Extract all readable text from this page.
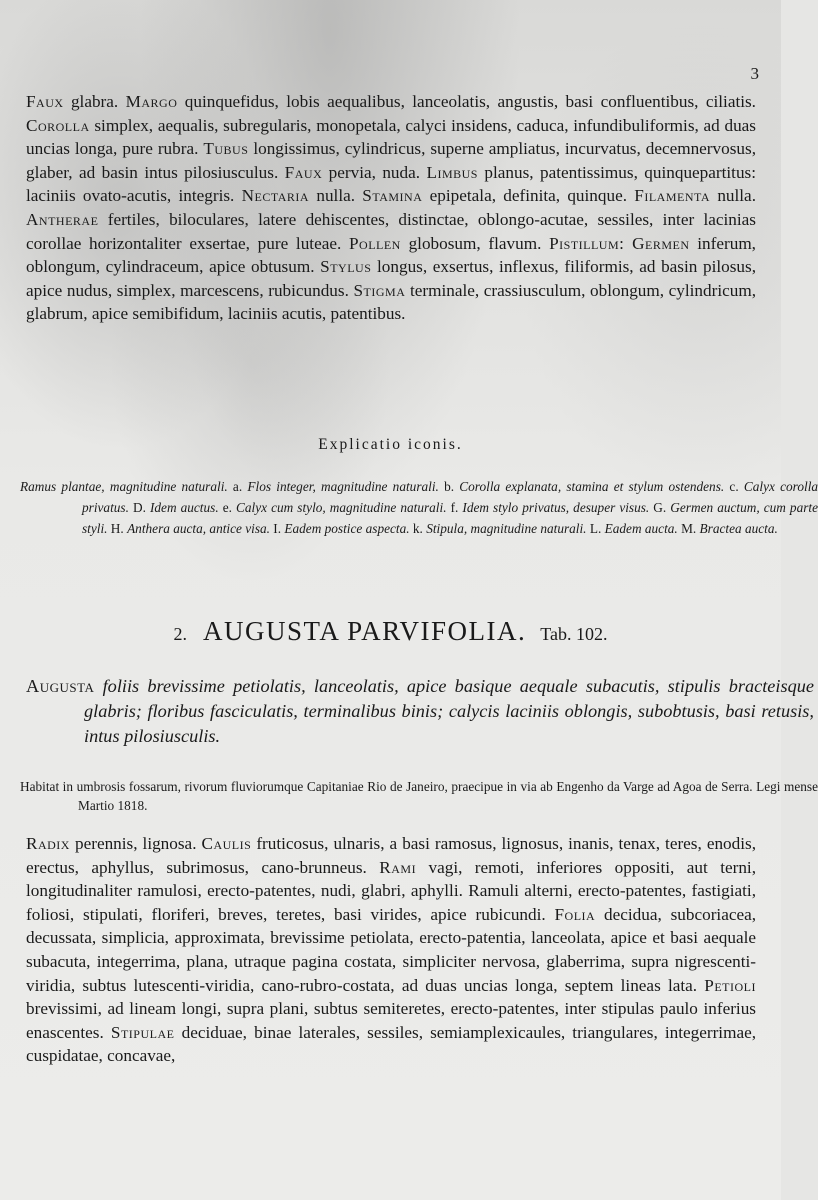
3

Faux glabra. Margo quinquefidus, lobis aequalibus, lanceolatis, angustis, basi confluentibus, ciliatis. Corolla simplex, aequalis, subregularis, monopetala, calyci insidens, caduca, infundibuliformis, ad duas uncias longa, pure rubra. Tubus longissimus, cylindricus, superne ampliatus, incurvatus, decemnervosus, glaber, ad basin intus pilosiusculus. Faux pervia, nuda. Limbus planus, patentissimus, quinquepartitus: laciniis ovato-acutis, integris. Nectaria nulla. Stamina epipetala, definita, quinque. Filamenta nulla. Antherae fertiles, biloculares, latere dehiscentes, distinctae, oblongo-acutae, sessiles, inter lacinias corollae horizontaliter exsertae, pure luteae. Pollen globosum, flavum. Pistillum: Germen inferum, oblongum, cylindraceum, apice obtusum. Stylus longus, exsertus, inflexus, filiformis, ad basin pilosus, apice nudus, simplex, marcescens, rubicundus. Stigma terminale, crassiusculum, oblongum, cylindricum, glabrum, apice semibifidum, laciniis acutis, patentibus.

Explicatio iconis.

Ramus plantae, magnitudine naturali. a. Flos integer, magnitudine naturali. b. Corolla explanata, stamina et stylum ostendens. c. Calyx corolla privatus. D. Idem auctus. e. Calyx cum stylo, magnitudine naturali. f. Idem stylo privatus, desuper visus. G. Germen auctum, cum parte styli. H. Anthera aucta, antice visa. I. Eadem postice aspecta. k. Stipula, magnitudine naturali. L. Eadem aucta. M. Bractea aucta.

2. AUGUSTA PARVIFOLIA. Tab. 102.

Augusta foliis brevissime petiolatis, lanceolatis, apice basique aequale subacutis, stipulis bracteisque glabris; floribus fasciculatis, terminalibus binis; calycis laciniis oblongis, subobtusis, basi retusis, intus pilosiusculis.

Habitat in umbrosis fossarum, rivorum fluviorumque Capitaniae Rio de Janeiro, praecipue in via ab Engenho da Varge ad Agoa de Serra. Legi mense Martio 1818.

Radix perennis, lignosa. Caulis fruticosus, ulnaris, a basi ramosus, lignosus, inanis, tenax, teres, enodis, erectus, aphyllus, subrimosus, cano-brunneus. Rami vagi, remoti, inferiores oppositi, aut terni, longitudinaliter ramulosi, erecto-patentes, nudi, glabri, aphylli. Ramuli alterni, erecto-patentes, fastigiati, foliosi, stipulati, floriferi, breves, teretes, basi virides, apice rubicundi. Folia decidua, subcoriacea, decussata, simplicia, approximata, brevissime petiolata, erecto-patentia, lanceolata, apice et basi aequale subacuta, integerrima, plana, utraque pagina costata, simpliciter nervosa, glaberrima, supra nigrescenti-viridia, subtus lutescenti-viridia, cano-rubro-costata, ad duas uncias longa, septem lineas lata. Petioli brevissimi, ad lineam longi, supra plani, subtus semiteretes, erecto-patentes, inter stipulas paulo inferius enascentes. Stipulae deciduae, binae laterales, sessiles, semiamplexicaules, triangulares, integerrimae, cuspidatae, concavae,
